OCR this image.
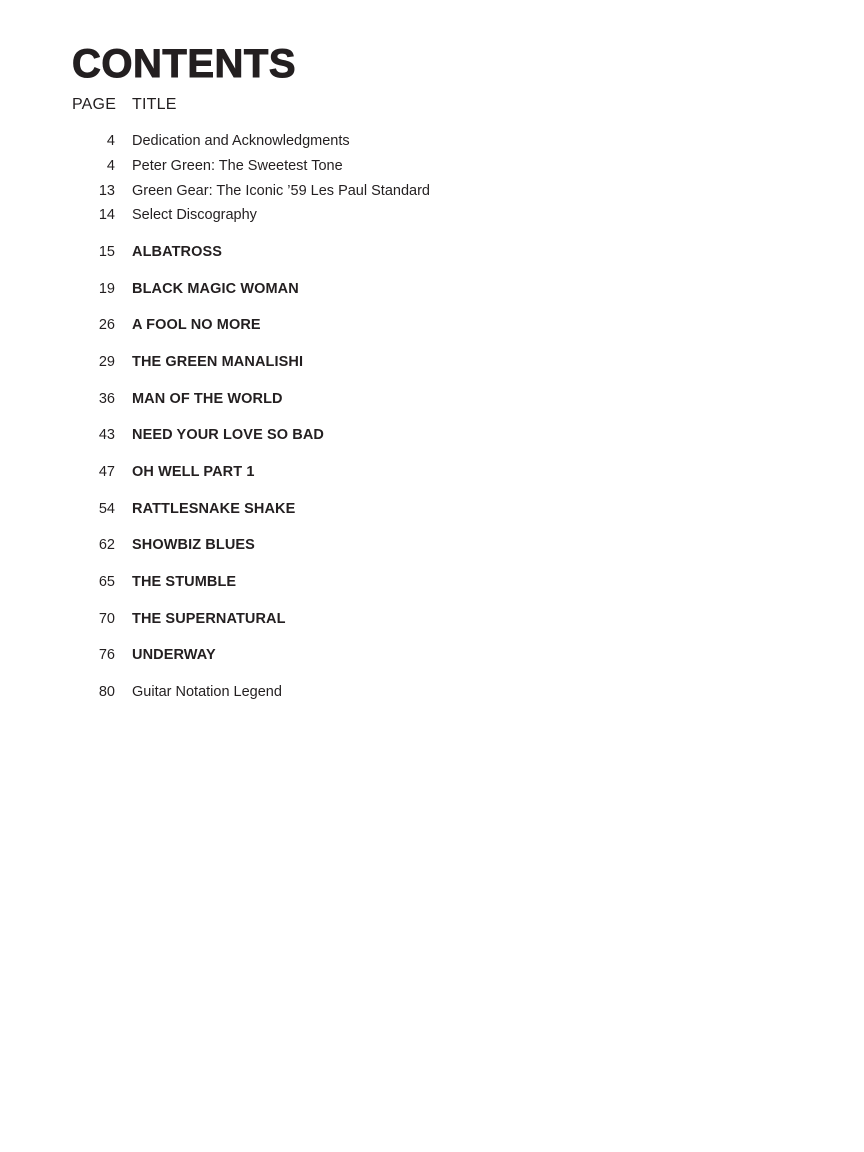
CONTENTS
PAGE TITLE
4 Dedication and Acknowledgments
4 Peter Green: The Sweetest Tone
13 Green Gear: The Iconic ’59 Les Paul Standard
14 Select Discography
15 ALBATROSS
19 BLACK MAGIC WOMAN
26 A FOOL NO MORE
29 THE GREEN MANALISHI
36 MAN OF THE WORLD
43 NEED YOUR LOVE SO BAD
47 OH WELL PART 1
54 RATTLESNAKE SHAKE
62 SHOWBIZ BLUES
65 THE STUMBLE
70 THE SUPERNATURAL
76 UNDERWAY
80 Guitar Notation Legend
